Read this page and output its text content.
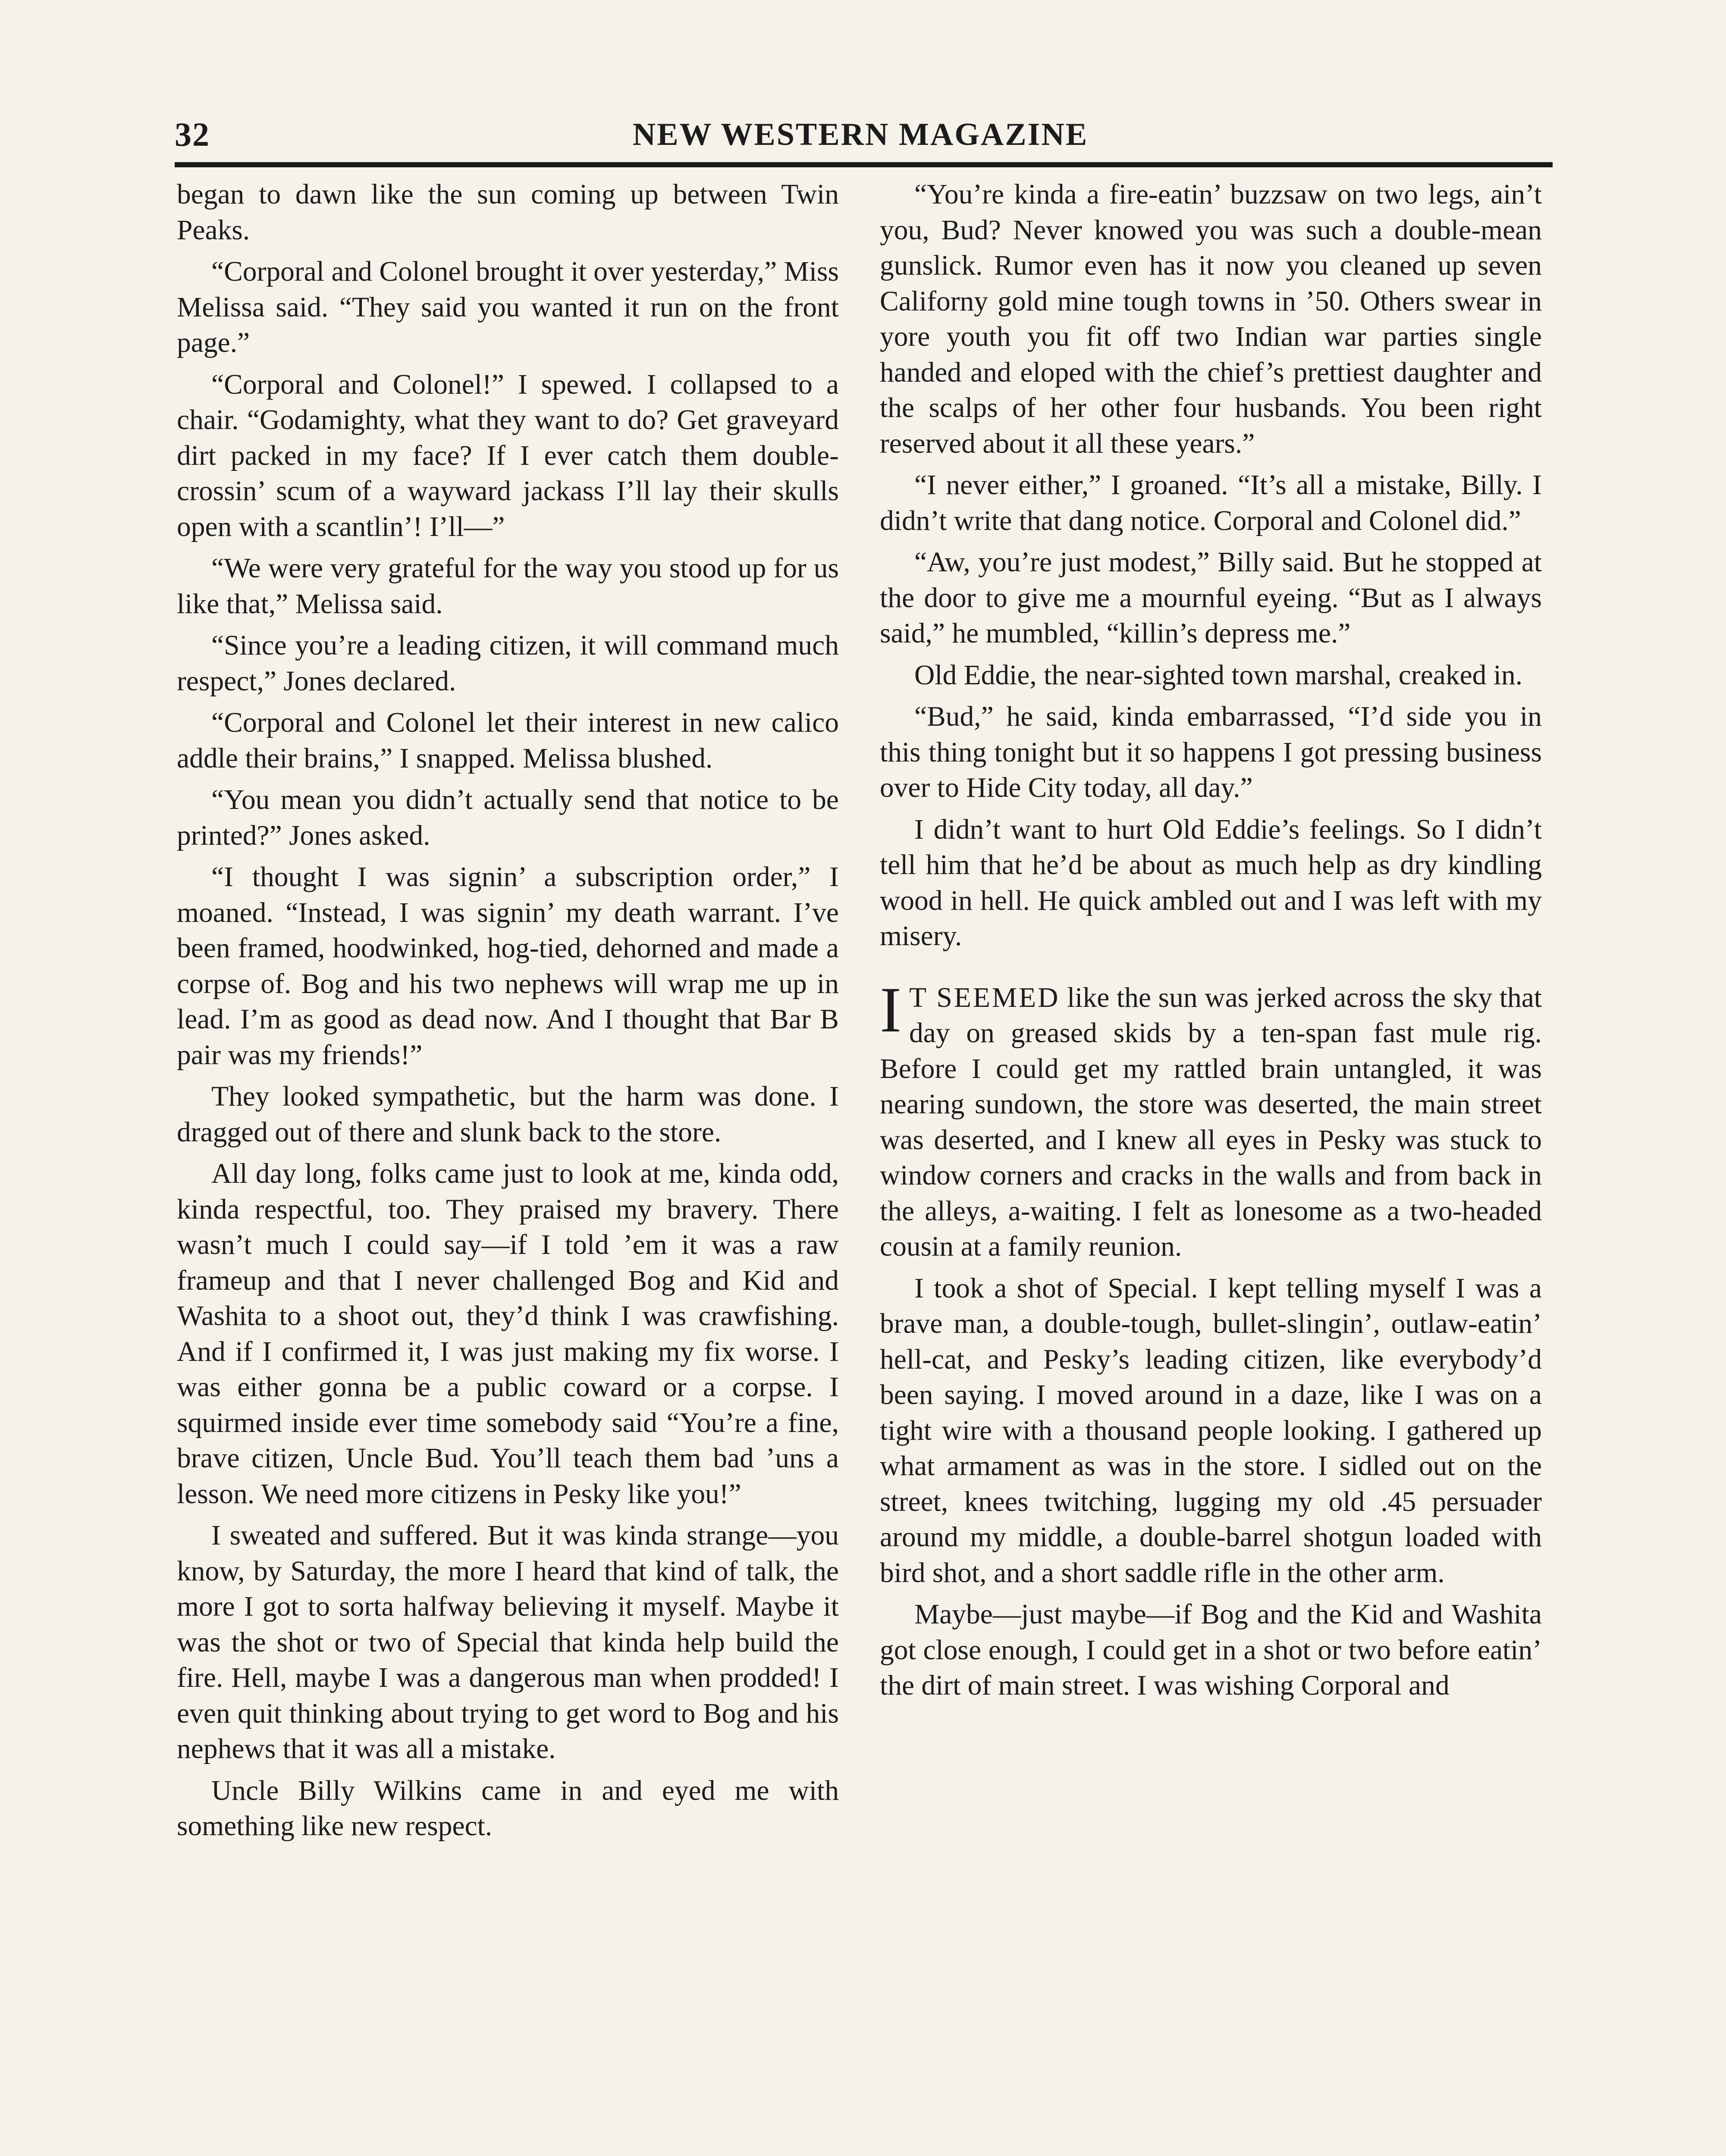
32	NEW WESTERN MAGAZINE

began to dawn like the sun coming up between Twin Peaks.

“Corporal and Colonel brought it over yesterday,” Miss Melissa said. “They said you wanted it run on the front page.”

“Corporal and Colonel!” I spewed. I collapsed to a chair. “Godamighty, what they want to do? Get graveyard dirt packed in my face? If I ever catch them double-crossin’ scum of a wayward jackass I’ll lay their skulls open with a scantlin’! I’ll—”

“We were very grateful for the way you stood up for us like that,” Melissa said.

“Since you’re a leading citizen, it will command much respect,” Jones declared.

“Corporal and Colonel let their interest in new calico addle their brains,” I snapped. Melissa blushed.

“You mean you didn’t actually send that notice to be printed?” Jones asked.

“I thought I was signin’ a subscription order,” I moaned. “Instead, I was signin’ my death warrant. I’ve been framed, hoodwinked, hog-tied, dehorned and made a corpse of. Bog and his two nephews will wrap me up in lead. I’m as good as dead now. And I thought that Bar B pair was my friends!”

They looked sympathetic, but the harm was done. I dragged out of there and slunk back to the store.

All day long, folks came just to look at me, kinda odd, kinda respectful, too. They praised my bravery. There wasn’t much I could say—if I told ’em it was a raw frameup and that I never challenged Bog and Kid and Washita to a shoot out, they’d think I was crawfishing. And if I confirmed it, I was just making my fix worse. I was either gonna be a public coward or a corpse. I squirmed inside ever time somebody said “You’re a fine, brave citizen, Uncle Bud. You’ll teach them bad ’uns a lesson. We need more citizens in Pesky like you!”

I sweated and suffered. But it was kinda strange—you know, by Saturday, the more I heard that kind of talk, the more I got to sorta halfway believing it myself. Maybe it was the shot or two of Special that kinda help build the fire. Hell, maybe I was a dangerous man when prodded! I even quit thinking about trying to get word to Bog and his nephews that it was all a mistake.

Uncle Billy Wilkins came in and eyed me with something like new respect.

“You’re kinda a fire-eatin’ buzzsaw on two legs, ain’t you, Bud? Never knowed you was such a double-mean gunslick. Rumor even has it now you cleaned up seven Californy gold mine tough towns in ’50. Others swear in yore youth you fit off two Indian war parties single handed and eloped with the chief’s prettiest daughter and the scalps of her other four husbands. You been right reserved about it all these years.”

“I never either,” I groaned. “It’s all a mistake, Billy. I didn’t write that dang notice. Corporal and Colonel did.”

“Aw, you’re just modest,” Billy said. But he stopped at the door to give me a mournful eyeing. “But as I always said,” he mumbled, “killin’s depress me.”

Old Eddie, the near-sighted town marshal, creaked in.

“Bud,” he said, kinda embarrassed, “I’d side you in this thing tonight but it so happens I got pressing business over to Hide City today, all day.”

I didn’t want to hurt Old Eddie’s feelings. So I didn’t tell him that he’d be about as much help as dry kindling wood in hell. He quick ambled out and I was left with my misery.

I T SEEMED like the sun was jerked across the sky that day on greased skids by a ten-span fast mule rig. Before I could get my rattled brain untangled, it was nearing sundown, the store was deserted, the main street was deserted, and I knew all eyes in Pesky was stuck to window corners and cracks in the walls and from back in the alleys, a-waiting. I felt as lonesome as a two-headed cousin at a family reunion.

I took a shot of Special. I kept telling myself I was a brave man, a double-tough, bullet-slingin’, outlaw-eatin’ hell-cat, and Pesky’s leading citizen, like everybody’d been saying. I moved around in a daze, like I was on a tight wire with a thousand people looking. I gathered up what armament as was in the store. I sidled out on the street, knees twitching, lugging my old .45 persuader around my middle, a double-barrel shotgun loaded with bird shot, and a short saddle rifle in the other arm.

Maybe—just maybe—if Bog and the Kid and Washita got close enough, I could get in a shot or two before eatin’ the dirt of main street. I was wishing Corporal and
